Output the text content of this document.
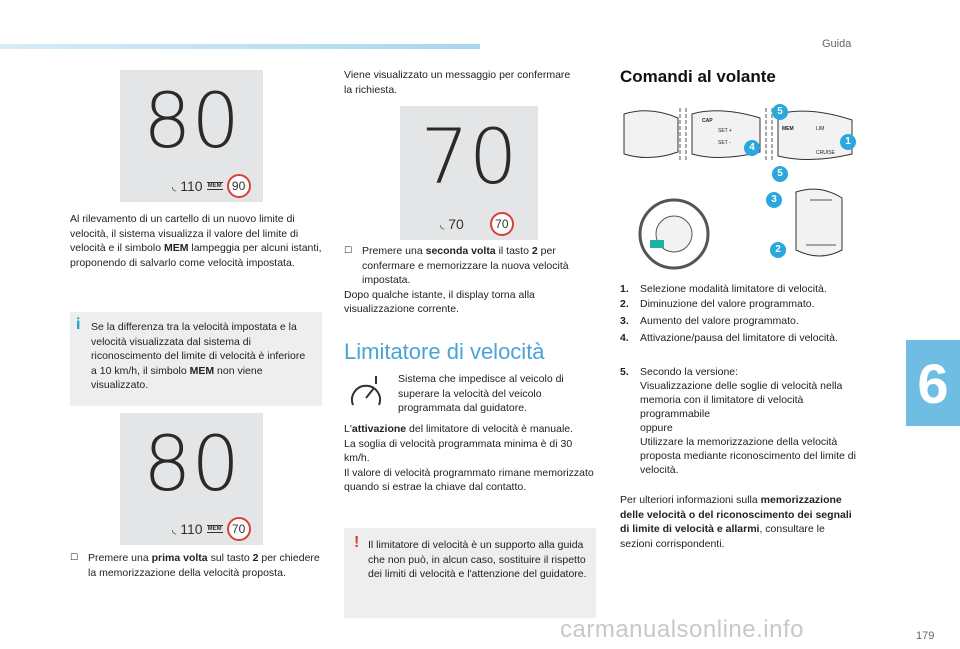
Guida
6
179
80
◟ 110 MEM 90
Al rilevamento di un cartello di un nuovo limite di velocità, il sistema visualizza il valore del limite di velocità e il simbolo MEM lampeggia per alcuni istanti, proponendo di salvarlo come velocità impostata.
i Se la differenza tra la velocità impostata e la velocità visualizzata dal sistema di riconoscimento del limite di velocità è inferiore a 10 km/h, il simbolo MEM non viene visualizzato.
80
◟ 110 MEM 70
☐ Premere una prima volta sul tasto 2 per chiedere la memorizzazione della velocità proposta.
Viene visualizzato un messaggio per confermare la richiesta.
70
◟ 70	70
☐ Premere una seconda volta il tasto 2 per confermare e memorizzare la nuova velocità impostata.
Dopo qualche istante, il display torna alla visualizzazione corrente.
Limitatore di velocità
Sistema che impedisce al veicolo di superare la velocità del veicolo programmata dal guidatore.
L'attivazione del limitatore di velocità è manuale.
La soglia di velocità programmata minima è di 30 km/h.
Il valore di velocità programmato rimane memorizzato quando si estrae la chiave dal contatto.
! Il limitatore di velocità è un supporto alla guida che non può, in alcun caso, sostituire il rispetto dei limiti di velocità e l'attenzione del guidatore.
Comandi al volante
CAP
SET +
SET -
MEM	LIM
CRUISE
5
4
5
1
3
2
1. Selezione modalità limitatore di velocità.
2. Diminuzione del valore programmato.
3. Aumento del valore programmato.
4. Attivazione/pausa del limitatore di velocità.
5. Secondo la versione:
Visualizzazione delle soglie di velocità nella memoria con il limitatore di velocità programmabile
oppure
Utilizzare la memorizzazione della velocità proposta mediante riconoscimento del limite di velocità.
Per ulteriori informazioni sulla memorizzazione delle velocità o del riconoscimento dei segnali di limite di velocità e allarmi, consultare le sezioni corrispondenti.
carmanualsonline.info
